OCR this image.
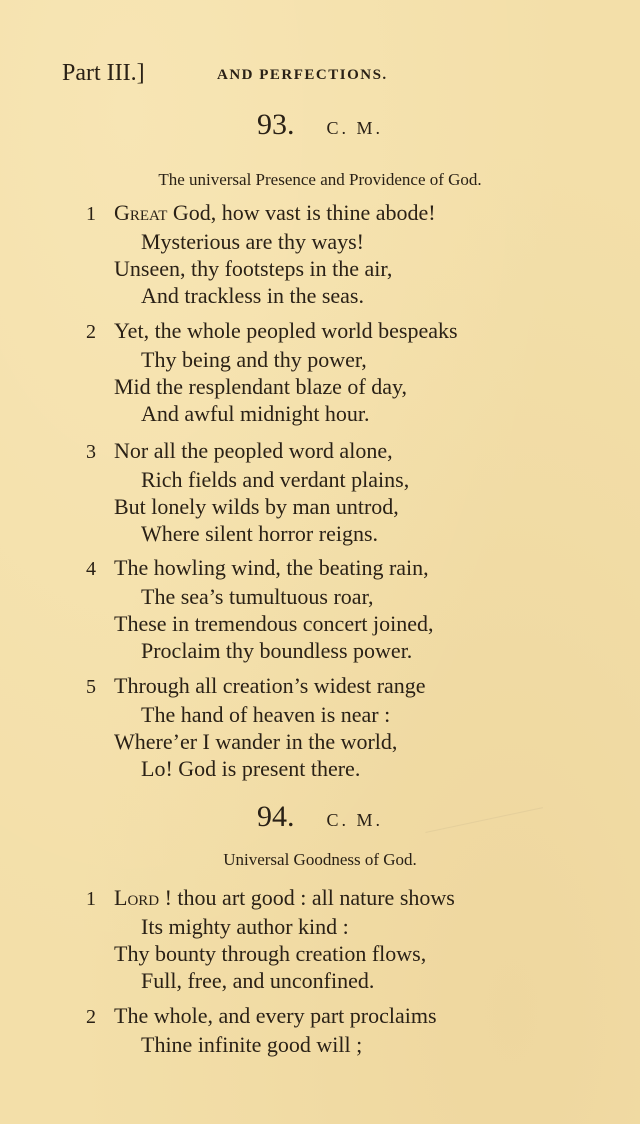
Part III.]	AND PERFECTIONS.
93. C. M.
The universal Presence and Providence of God.
1 Great God, how vast is thine abode!
Mysterious are thy ways!
Unseen, thy footsteps in the air,
And trackless in the seas.
2 Yet, the whole peopled world bespeaks
Thy being and thy power,
Mid the resplendant blaze of day,
And awful midnight hour.
3 Nor all the peopled word alone,
Rich fields and verdant plains,
But lonely wilds by man untrod,
Where silent horror reigns.
4 The howling wind, the beating rain,
The sea’s tumultuous roar,
These in tremendous concert joined,
Proclaim thy boundless power.
5 Through all creation’s widest range
The hand of heaven is near :
Where’er I wander in the world,
Lo! God is present there.
94. C. M.
Universal Goodness of God.
1 Lord ! thou art good : all nature shows
Its mighty author kind :
Thy bounty through creation flows,
Full, free, and unconfined.
2 The whole, and every part proclaims
Thine infinite good will ;
